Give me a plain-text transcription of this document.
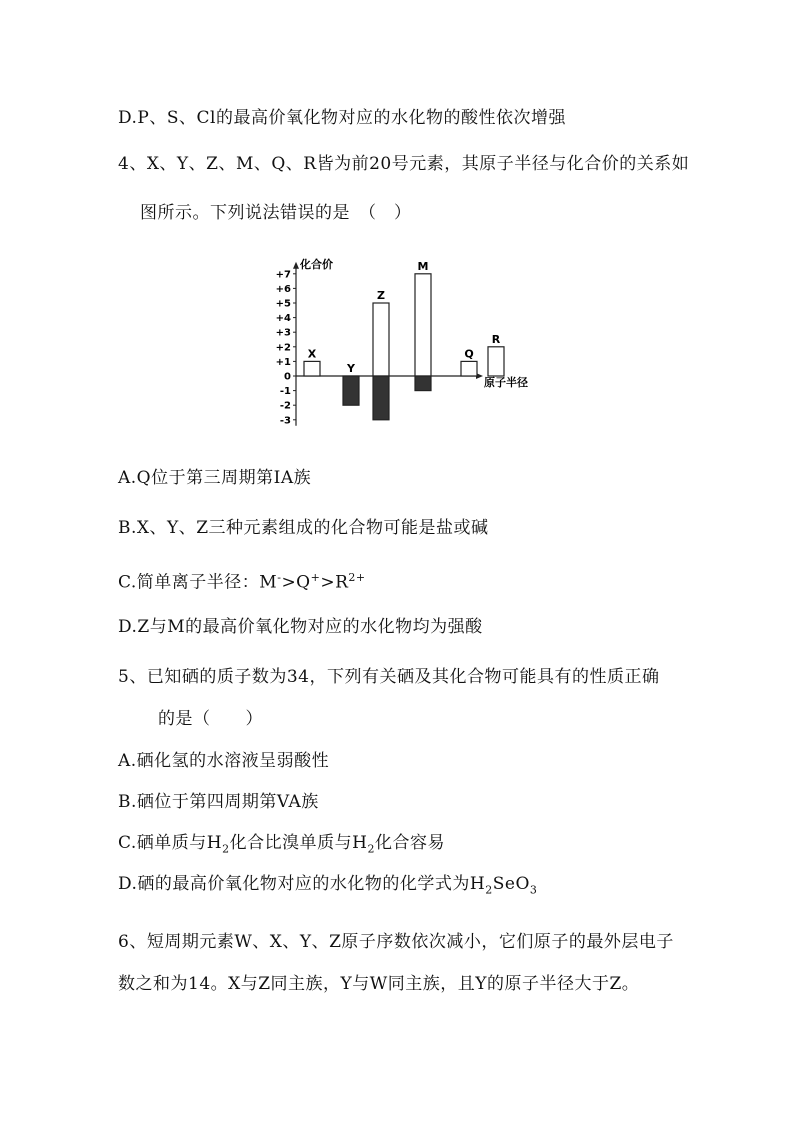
D.P、S、Cl的最高价氧化物对应的水化物的酸性依次增强
4、X、Y、Z、M、Q、R皆为前20号元素，其原子半径与化合价的关系如
图所示。下列说法错误的是　（　）
化合价
原子半径
+7
+6
+5
+4
+3
+2
+1
0
-1
-2
-3
X
Y
Z
M
Q
R
A.Q位于第三周期第IA族
B.X、Y、Z三种元素组成的化合物可能是盐或碱
C.简单离子半径：$M^->Q^+>R^{2+}$
D.Z与M的最高价氧化物对应的水化物均为强酸
5、已知硒的质子数为34，下列有关硒及其化合物可能具有的性质正确
的是（　　）
A.硒化氢的水溶液呈弱酸性
B.硒位于第四周期第VA族
C.硒单质与$H_2$化合比溴单质与$H_2$化合容易
D.硒的最高价氧化物对应的水化物的化学式为$H_2SeO_3$
6、短周期元素W、X、Y、Z原子序数依次减小，它们原子的最外层电子
数之和为14。X与Z同主族，Y与W同主族，且Y的原子半径大于Z。
